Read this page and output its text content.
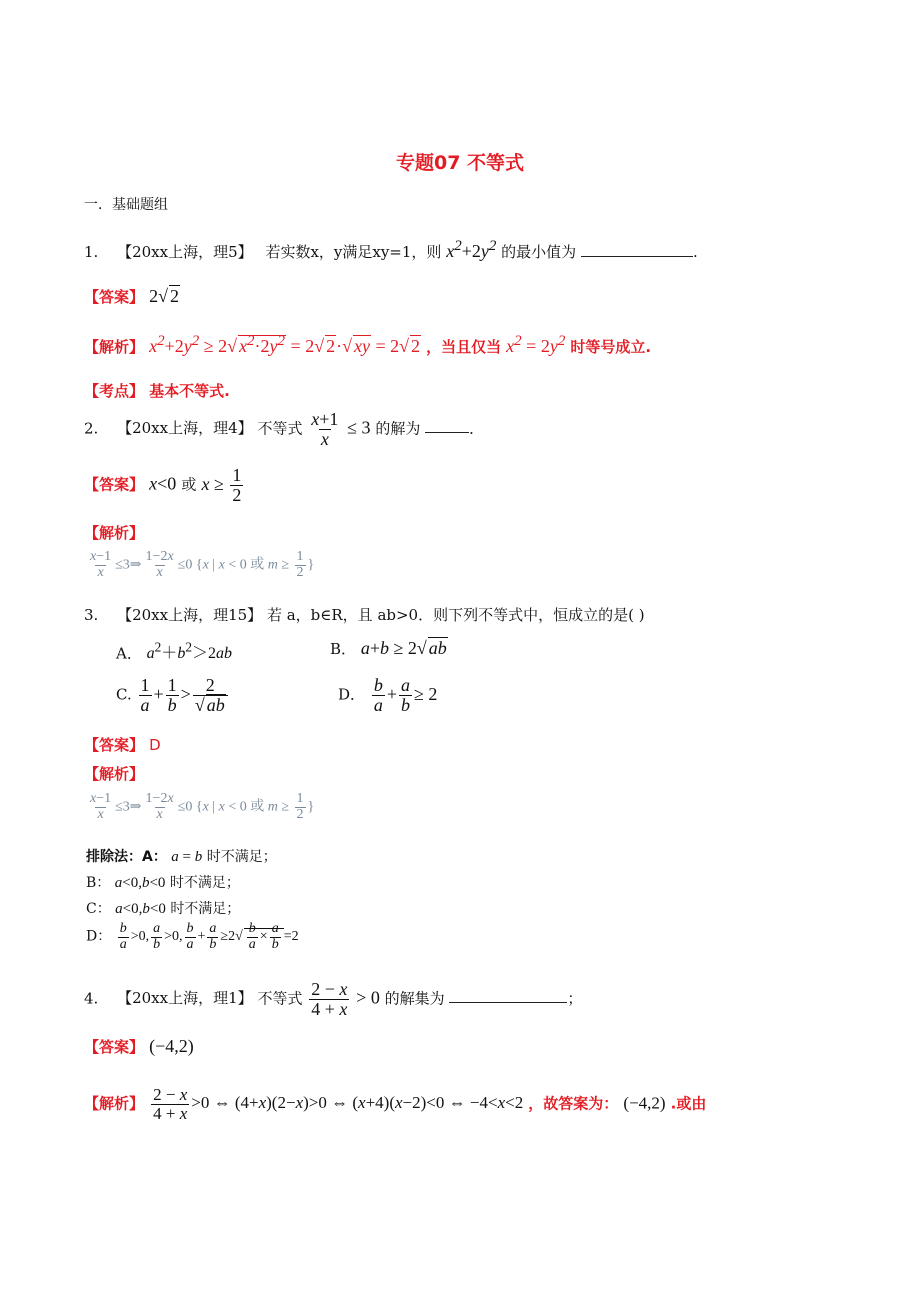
专题07 不等式
一．基础题组
1. 【20xx上海，理5】 若实数x，y满足xy=1，则 $x^2+2y^2$ 的最小值为	.
【答案】 2√ 2
【解析】 $x^2+2y^2 \ge 2√$ $x^2\cdot 2y^2 = 2√$ 2·√ xy = 2√ 2 ，当且仅当 $x^2 = 2y^2$ 时等号成立.
【考点】 基本不等式.
2. 【20xx上海，理4】 不等式 $\frac{x+1}{x} \le 3$ 的解为	．
【答案】 x<0 或 $x \ge \frac{1}{2}$
【解析】
$\frac{x-1}{x}$ ≤3⇒ $\frac{1-2x}{x} \le 0$ {x | x < 0 或 $m \ge \frac{1}{2}$ }
3. 【20xx上海，理15】 若 a，b∈R，且 ab>0．则下列不等式中，恒成立的是( )
A． $a^2+b^2>2ab$	B． a+b ≥ 2√ ab
C. $\frac{1}{a} + \frac{1}{b} > \frac{2}{√ ab}$	D． $\frac{b}{a} + \frac{a}{b} \ge 2$
【答案】 D
【解析】
$\frac{x-1}{x}$ ≤3⇒ $\frac{1-2x}{x} \le 0$ {x | x < 0 或 $m \ge \frac{1}{2}$ }
排除法：A： a = b 时不满足；
B： a<0,b<0 时不满足；
C： a<0,b<0 时不满足；
D： $\frac{b}{a} >0$, $\frac{a}{b} >0$, $\frac{b}{a} + \frac{a}{b} \ge 2√ \frac{b}{a} \times \frac{a}{b} =2$
4. 【20xx上海，理1】 不等式 $\frac{2 - x}{4 + x} > 0$ 的解集为	；
【答案】 (−4,2)
【解析】 $\frac{2 - x}{4 + x} >0$ ⇔ (4+x)(2−x)>0 ⇔ (x+4)(x−2)<0 ⇔ −4<x<2 ，故答案为： (−4,2) .或由
